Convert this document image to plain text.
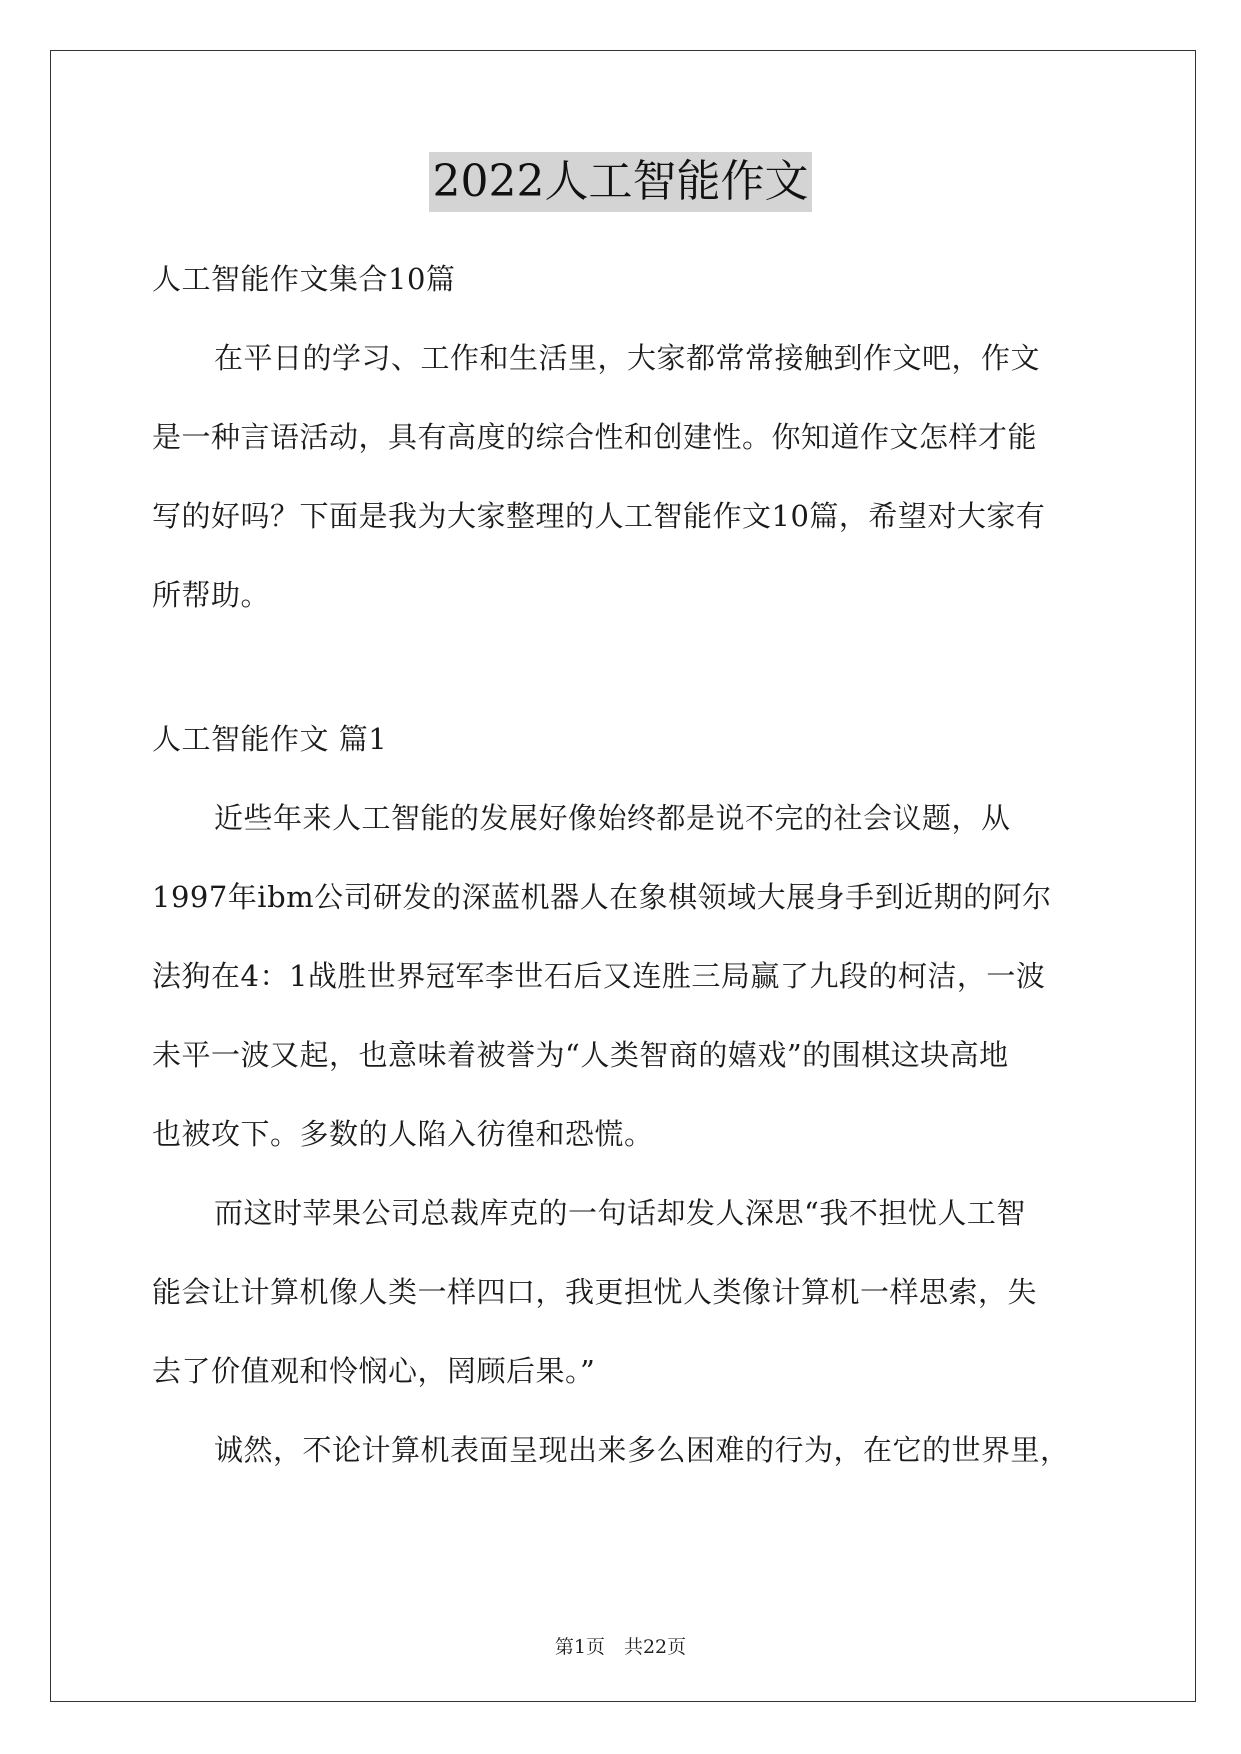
2022人工智能作文
人工智能作文集合10篇
在平日的学习、工作和生活里，大家都常常接触到作文吧，作文
是一种言语活动，具有高度的综合性和创建性。你知道作文怎样才能
写的好吗？下面是我为大家整理的人工智能作文10篇，希望对大家有
所帮助。
人工智能作文 篇1
近些年来人工智能的发展好像始终都是说不完的社会议题，从
1997年ibm公司研发的深蓝机器人在象棋领域大展身手到近期的阿尔
法狗在4：1战胜世界冠军李世石后又连胜三局赢了九段的柯洁，一波
未平一波又起，也意味着被誉为“人类智商的嬉戏”的围棋这块高地
也被攻下。多数的人陷入彷徨和恐慌。
而这时苹果公司总裁库克的一句话却发人深思“我不担忧人工智
能会让计算机像人类一样四口，我更担忧人类像计算机一样思索，失
去了价值观和怜悯心，罔顾后果。”
诚然，不论计算机表面呈现出来多么困难的行为，在它的世界里，
第1页　共22页
